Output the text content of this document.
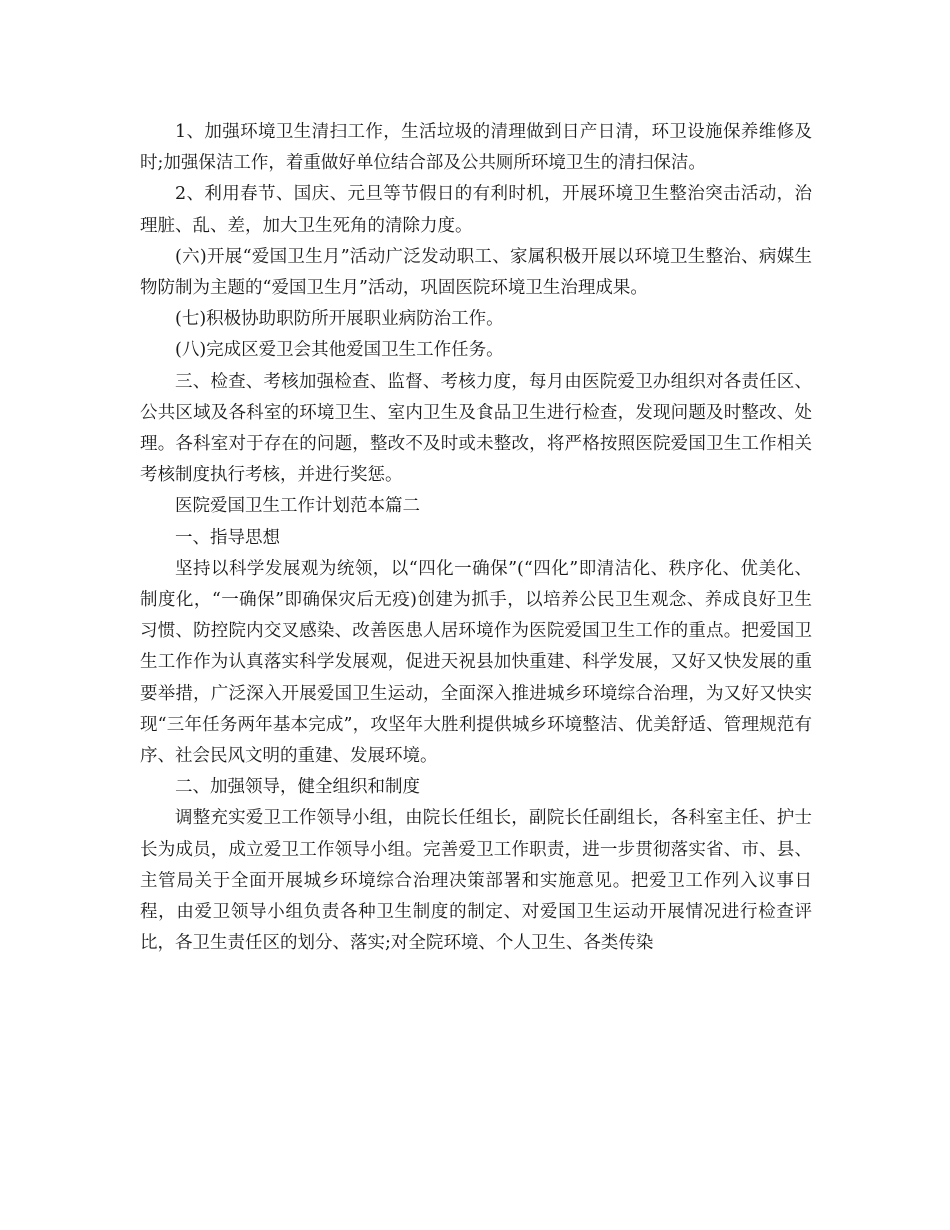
1、加强环境卫生清扫工作，生活垃圾的清理做到日产日清，环卫设施保养维修及时;加强保洁工作，着重做好单位结合部及公共厕所环境卫生的清扫保洁。

2、利用春节、国庆、元旦等节假日的有利时机，开展环境卫生整治突击活动，治理脏、乱、差，加大卫生死角的清除力度。

(六)开展“爱国卫生月”活动广泛发动职工、家属积极开展以环境卫生整治、病媒生物防制为主题的“爱国卫生月”活动，巩固医院环境卫生治理成果。

(七)积极协助职防所开展职业病防治工作。

(八)完成区爱卫会其他爱国卫生工作任务。

三、检查、考核加强检查、监督、考核力度，每月由医院爱卫办组织对各责任区、公共区域及各科室的环境卫生、室内卫生及食品卫生进行检查，发现问题及时整改、处理。各科室对于存在的问题，整改不及时或未整改，将严格按照医院爱国卫生工作相关考核制度执行考核，并进行奖惩。

医院爱国卫生工作计划范本篇二

一、指导思想

坚持以科学发展观为统领，以“四化一确保”(“四化”即清洁化、秩序化、优美化、制度化，“一确保”即确保灾后无疫)创建为抓手，以培养公民卫生观念、养成良好卫生习惯、防控院内交叉感染、改善医患人居环境作为医院爱国卫生工作的重点。把爱国卫生工作作为认真落实科学发展观，促进天祝县加快重建、科学发展，又好又快发展的重要举措，广泛深入开展爱国卫生运动，全面深入推进城乡环境综合治理，为又好又快实现“三年任务两年基本完成”，攻坚年大胜利提供城乡环境整洁、优美舒适、管理规范有序、社会民风文明的重建、发展环境。

二、加强领导，健全组织和制度

调整充实爱卫工作领导小组，由院长任组长，副院长任副组长，各科室主任、护士长为成员，成立爱卫工作领导小组。完善爱卫工作职责，进一步贯彻落实省、市、县、主管局关于全面开展城乡环境综合治理决策部署和实施意见。把爱卫工作列入议事日程，由爱卫领导小组负责各种卫生制度的制定、对爱国卫生运动开展情况进行检查评比，各卫生责任区的划分、落实;对全院环境、个人卫生、各类传染
